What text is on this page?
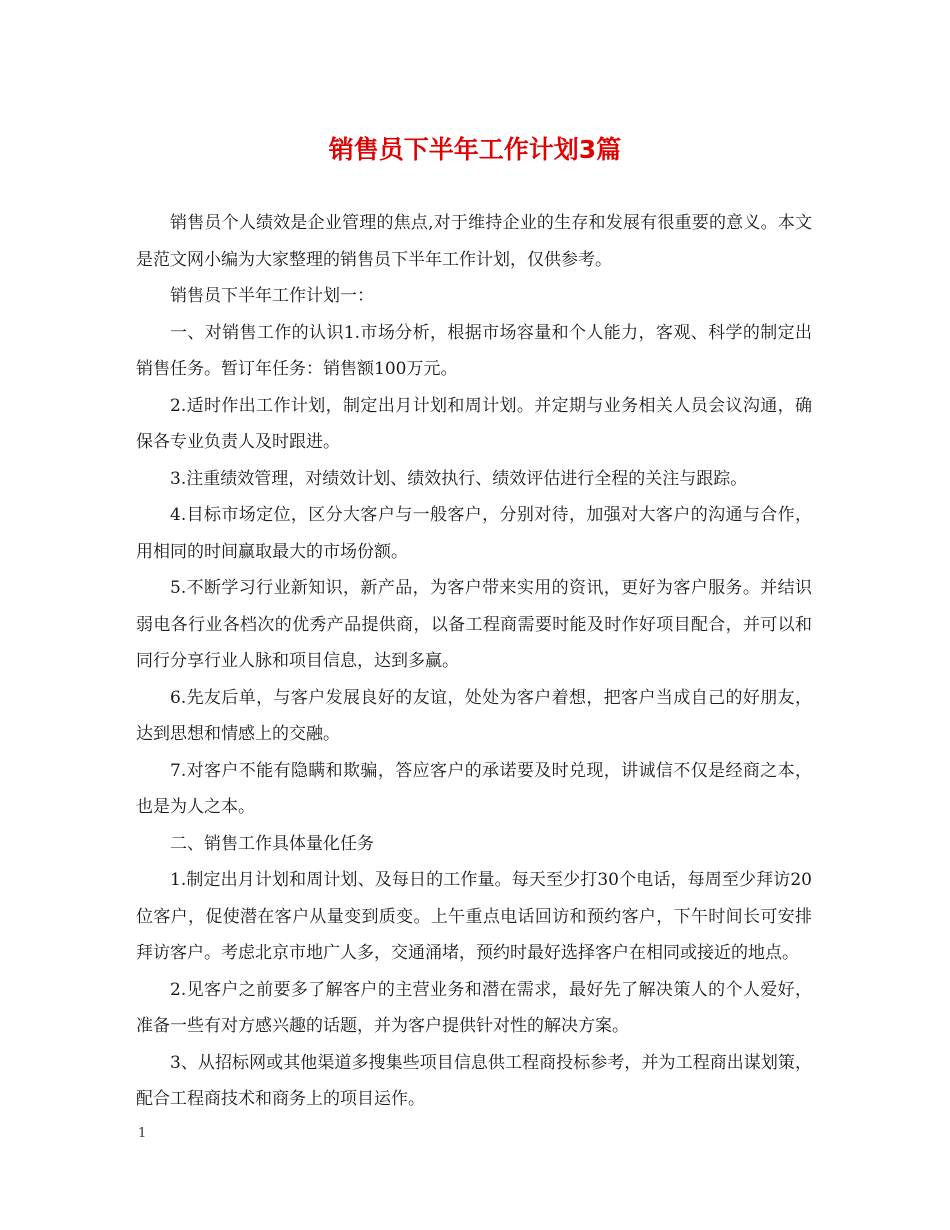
销售员下半年工作计划3篇

销售员个人绩效是企业管理的焦点,对于维持企业的生存和发展有很重要的意义。本文是范文网小编为大家整理的销售员下半年工作计划，仅供参考。

销售员下半年工作计划一：

一、对销售工作的认识1.市场分析，根据市场容量和个人能力，客观、科学的制定出销售任务。暂订年任务：销售额100万元。

2.适时作出工作计划，制定出月计划和周计划。并定期与业务相关人员会议沟通，确保各专业负责人及时跟进。

3.注重绩效管理，对绩效计划、绩效执行、绩效评估进行全程的关注与跟踪。

4.目标市场定位，区分大客户与一般客户，分别对待，加强对大客户的沟通与合作，用相同的时间赢取最大的市场份额。

5.不断学习行业新知识，新产品，为客户带来实用的资讯，更好为客户服务。并结识弱电各行业各档次的优秀产品提供商，以备工程商需要时能及时作好项目配合，并可以和同行分享行业人脉和项目信息，达到多赢。

6.先友后单，与客户发展良好的友谊，处处为客户着想，把客户当成自己的好朋友，达到思想和情感上的交融。

7.对客户不能有隐瞒和欺骗，答应客户的承诺要及时兑现，讲诚信不仅是经商之本，也是为人之本。

二、销售工作具体量化任务

1.制定出月计划和周计划、及每日的工作量。每天至少打30个电话，每周至少拜访20位客户，促使潜在客户从量变到质变。上午重点电话回访和预约客户，下午时间长可安排拜访客户。考虑北京市地广人多，交通涌堵，预约时最好选择客户在相同或接近的地点。

2.见客户之前要多了解客户的主营业务和潜在需求，最好先了解决策人的个人爱好，准备一些有对方感兴趣的话题，并为客户提供针对性的解决方案。

3、从招标网或其他渠道多搜集些项目信息供工程商投标参考，并为工程商出谋划策，配合工程商技术和商务上的项目运作。

1
